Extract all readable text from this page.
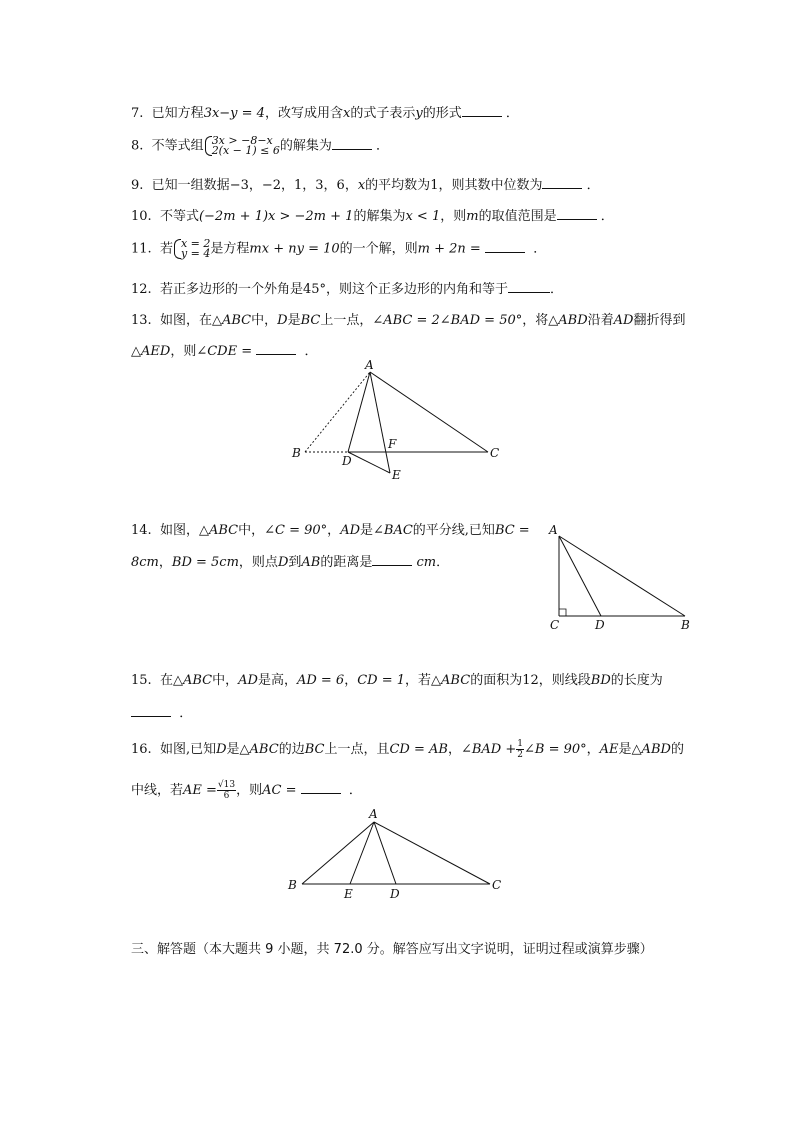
7. 已知方程3x−y = 4，改写成用含x的式子表示y的形式	．
8. 不等式组 3x > −8−x
2(x − 1) ≤ 6 的解集为	．
9. 已知一组数据−3，−2，1，3，6，x的平均数为1，则其数中位数为	．
10. 不等式(−2m + 1)x > −2m + 1的解集为x < 1，则m的取值范围是	．
11. 若 x = 2
y = 4 是方程mx + ny = 10的一个解，则m + 2n =	．
12. 若正多边形的一个外角是45°，则这个正多边形的内角和等于	．
13. 如图，在△ABC中，D是BC上一点，∠ABC = 2∠BAD = 50°，将△ABD沿着AD翻折得到
△AED，则∠CDE =	．
A
B	C
D
E
F
14. 如图，△ABC中，∠C = 90°，AD是∠BAC的平分线,已知BC =
8cm，BD = 5cm，则点D到AB的距离是	cm．
A
C	D	B
15. 在△ABC中，AD是高，AD = 6，CD = 1，若△ABC的面积为12，则线段BD的长度为
．
16. 如图,已知D是△ABC的边BC上一点，且CD = AB，∠BAD + $\frac{1}{2}$ ∠B = 90°，AE是△ABD的
中线，若AE = $\frac{√13}{6}$ ，则AC =	．
A
B	C
E	D
三、解答题（本大题共 9 小题，共 72.0 分。解答应写出文字说明，证明过程或演算步骤）
